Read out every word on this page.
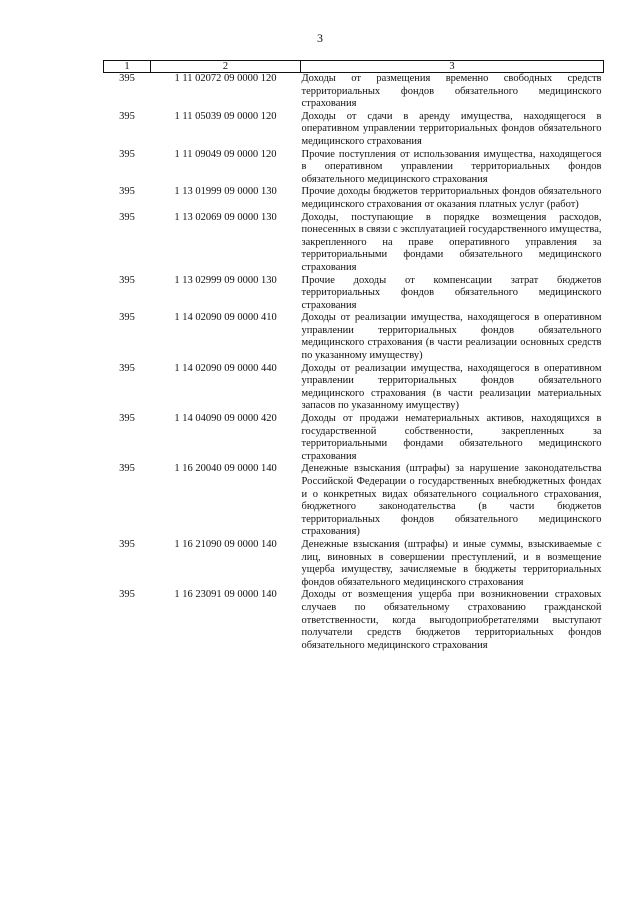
3
1	2	3
395	1 11 02072 09 0000 120	Доходы от размещения временно свободных средств территориальных фондов обязательного медицинского страхования
395	1 11 05039 09 0000 120	Доходы от сдачи в аренду имущества, находящегося в оперативном управлении территориальных фондов обязательного медицинского страхования
395	1 11 09049 09 0000 120	Прочие поступления от использования имущества, находящегося в оперативном управлении территориальных фондов обязательного медицинского страхования
395	1 13 01999 09 0000 130	Прочие доходы бюджетов территориальных фондов обязательного медицинского страхования от оказания платных услуг (работ)
395	1 13 02069 09 0000 130	Доходы, поступающие в порядке возмещения расходов, понесенных в связи с эксплуатацией государственного имущества, закрепленного на праве оперативного управления за территориальными фондами обязательного медицинского страхования
395	1 13 02999 09 0000 130	Прочие доходы от компенсации затрат бюджетов территориальных фондов обязательного медицинского страхования
395	1 14 02090 09 0000 410	Доходы от реализации имущества, находящегося в оперативном управлении территориальных фондов обязательного медицинского страхования (в части реализации основных средств по указанному имуществу)
395	1 14 02090 09 0000 440	Доходы от реализации имущества, находящегося в оперативном управлении территориальных фондов обязательного медицинского страхования (в части реализации материальных запасов по указанному имуществу)
395	1 14 04090 09 0000 420	Доходы от продажи нематериальных активов, находящихся в государственной собственности, закрепленных за территориальными фондами обязательного медицинского страхования
395	1 16 20040 09 0000 140	Денежные взыскания (штрафы) за нарушение законодательства Российской Федерации о государственных внебюджетных фондах и о конкретных видах обязательного социального страхования, бюджетного законодательства (в части бюджетов территориальных фондов обязательного медицинского страхования)
395	1 16 21090 09 0000 140	Денежные взыскания (штрафы) и иные суммы, взыскиваемые с лиц, виновных в совершении преступлений, и в возмещение ущерба имуществу, зачисляемые в бюджеты территориальных фондов обязательного медицинского страхования
395	1 16 23091 09 0000 140	Доходы от возмещения ущерба при возникновении страховых случаев по обязательному страхованию гражданской ответственности, когда выгодоприобретателями выступают получатели средств бюджетов территориальных фондов обязательного медицинского страхования
